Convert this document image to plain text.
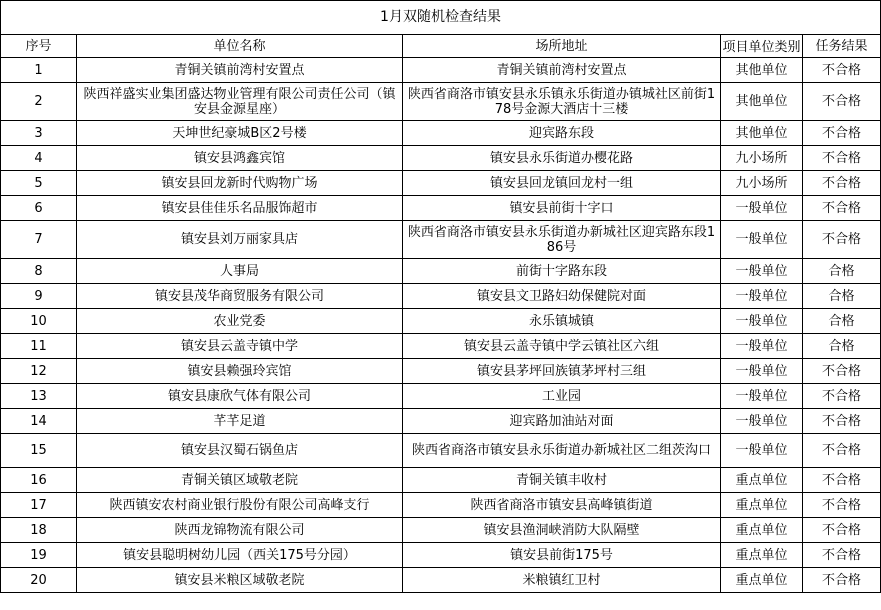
1月双随机检查结果				
序号	单位名称	场所地址	项目单位类别	任务结果
1	青铜关镇前湾村安置点	青铜关镇前湾村安置点	其他单位	不合格
2	陕西祥盛实业集团盛达物业管理有限公司责任公司（镇安县金源星座）	陕西省商洛市镇安县永乐镇永乐街道办镇城社区前街178号金源大酒店十三楼	其他单位	不合格
3	天坤世纪豪城B区2号楼	迎宾路东段	其他单位	不合格
4	镇安县鸿鑫宾馆	镇安县永乐街道办樱花路	九小场所	不合格
5	镇安县回龙新时代购物广场	镇安县回龙镇回龙村一组	九小场所	不合格
6	镇安县佳佳乐名品服饰超市	镇安县前街十字口	一般单位	不合格
7	镇安县刘万丽家具店	陕西省商洛市镇安县永乐街道办新城社区迎宾路东段186号	一般单位	不合格
8	人事局	前街十字路东段	一般单位	合格
9	镇安县茂华商贸服务有限公司	镇安县文卫路妇幼保健院对面	一般单位	合格
10	农业党委	永乐镇城镇	一般单位	合格
11	镇安县云盖寺镇中学	镇安县云盖寺镇中学云镇社区六组	一般单位	合格
12	镇安县赖强玲宾馆	镇安县茅坪回族镇茅坪村三组	一般单位	不合格
13	镇安县康欣气体有限公司	工业园	一般单位	不合格
14	芊芊足道	迎宾路加油站对面	一般单位	不合格
15	镇安县汉蜀石锅鱼店	陕西省商洛市镇安县永乐街道办新城社区二组茨沟口	一般单位	不合格
16	青铜关镇区域敬老院	青铜关镇丰收村	重点单位	不合格
17	陕西镇安农村商业银行股份有限公司高峰支行	陕西省商洛市镇安县高峰镇街道	重点单位	不合格
18	陕西龙锦物流有限公司	镇安县渔洞峡消防大队隔壁	重点单位	不合格
19	镇安县聪明树幼儿园（西关175号分园）	镇安县前街175号	重点单位	不合格
20	镇安县米粮区域敬老院	米粮镇红卫村	重点单位	不合格
